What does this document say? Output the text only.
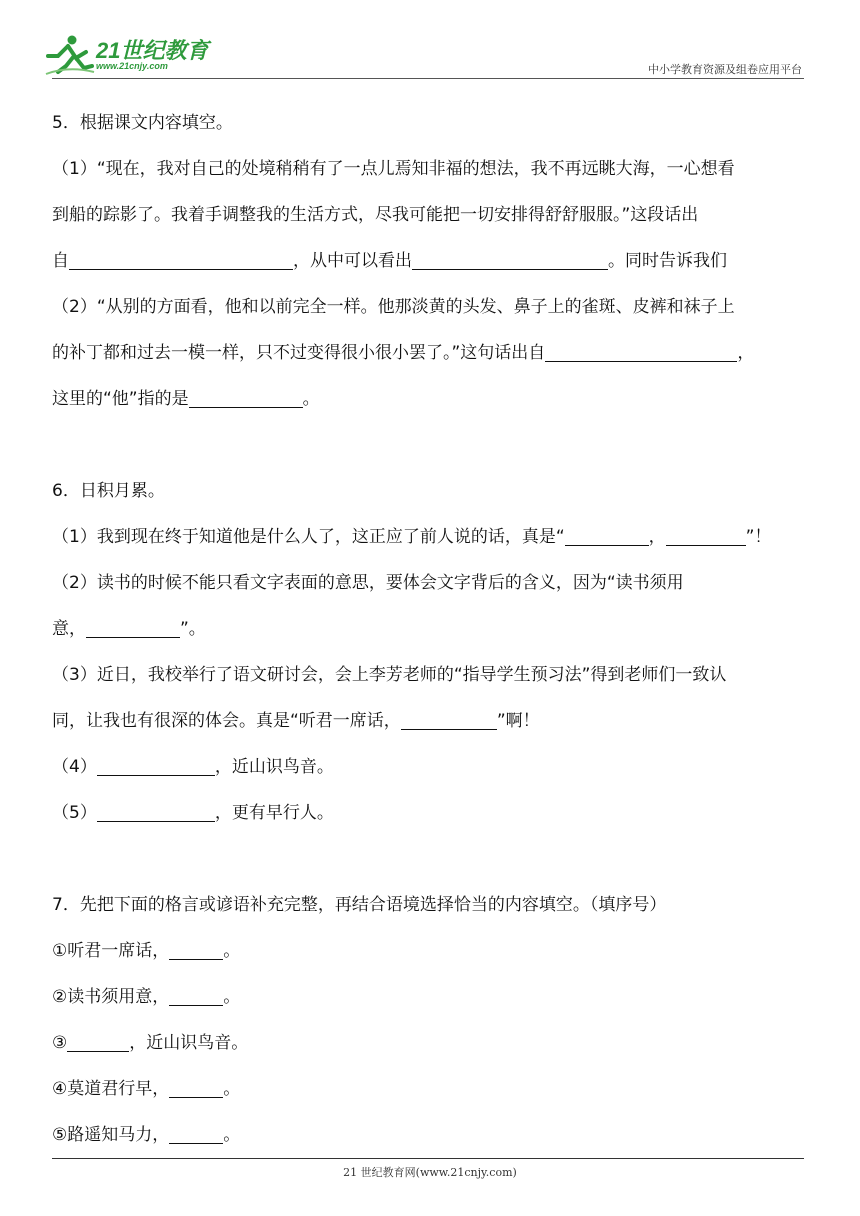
21世纪教育
www.21cnjy.com	中小学教育资源及组卷应用平台
5．根据课文内容填空。
（1）“现在，我对自己的处境稍稍有了一点儿焉知非福的想法，我不再远眺大海，一心想看
到船的踪影了。我着手调整我的生活方式，尽我可能把一切安排得舒舒服服。”这段话出
自	，从中可以看出	。同时告诉我们
（2）“从别的方面看，他和以前完全一样。他那淡黄的头发、鼻子上的雀斑、皮裤和袜子上
的补丁都和过去一模一样，只不过变得很小很小罢了。”这句话出自	，
这里的“他”指的是	。
6．日积月累。
（1）我到现在终于知道他是什么人了，这正应了前人说的话，真是“	，	”！
（2）读书的时候不能只看文字表面的意思，要体会文字背后的含义，因为“读书须用
意，	”。
（3）近日，我校举行了语文研讨会，会上李芳老师的“指导学生预习法”得到老师们一致认
同，让我也有很深的体会。真是“听君一席话，	”啊！
（4）	，近山识鸟音。
（5）	，更有早行人。
7．先把下面的格言或谚语补充完整，再结合语境选择恰当的内容填空。（填序号）
①听君一席话，	。
②读书须用意，	。
③	，近山识鸟音。
④莫道君行早，	。
⑤路遥知马力，	。
21 世纪教育网(www.21cnjy.com)
